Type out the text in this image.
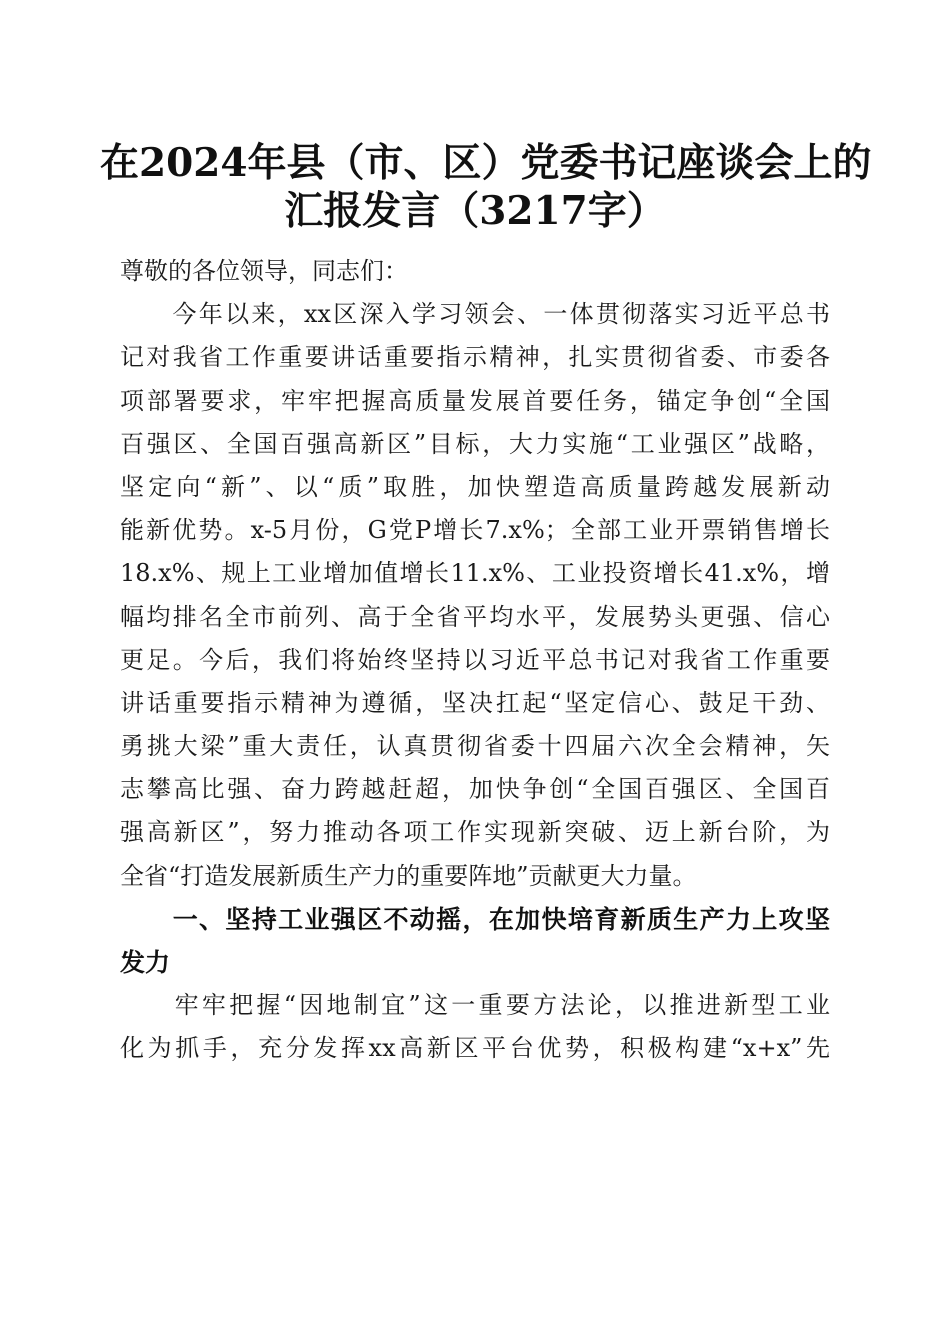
在2024年县（市、区）党委书记座谈会上的
汇报发言（3217字）
尊敬的各位领导，同志们：
　　今年以来，xx区深入学习领会、一体贯彻落实习近平总书
记对我省工作重要讲话重要指示精神，扎实贯彻省委、市委各
项部署要求，牢牢把握高质量发展首要任务，锚定争创“全国
百强区、全国百强高新区”目标，大力实施“工业强区”战略，
坚定向“新”、以“质”取胜，加快塑造高质量跨越发展新动
能新优势。x-5月份，G党P增长7.x%；全部工业开票销售增长
18.x%、规上工业增加值增长11.x%、工业投资增长41.x%，增
幅均排名全市前列、高于全省平均水平，发展势头更强、信心
更足。今后，我们将始终坚持以习近平总书记对我省工作重要
讲话重要指示精神为遵循，坚决扛起“坚定信心、鼓足干劲、
勇挑大梁”重大责任，认真贯彻省委十四届六次全会精神，矢
志攀高比强、奋力跨越赶超，加快争创“全国百强区、全国百
强高新区”，努力推动各项工作实现新突破、迈上新台阶，为
全省“打造发展新质生产力的重要阵地”贡献更大力量。
　　一、坚持工业强区不动摇，在加快培育新质生产力上攻坚
发力
　　牢牢把握“因地制宜”这一重要方法论，以推进新型工业
化为抓手，充分发挥xx高新区平台优势，积极构建“x+x”先
